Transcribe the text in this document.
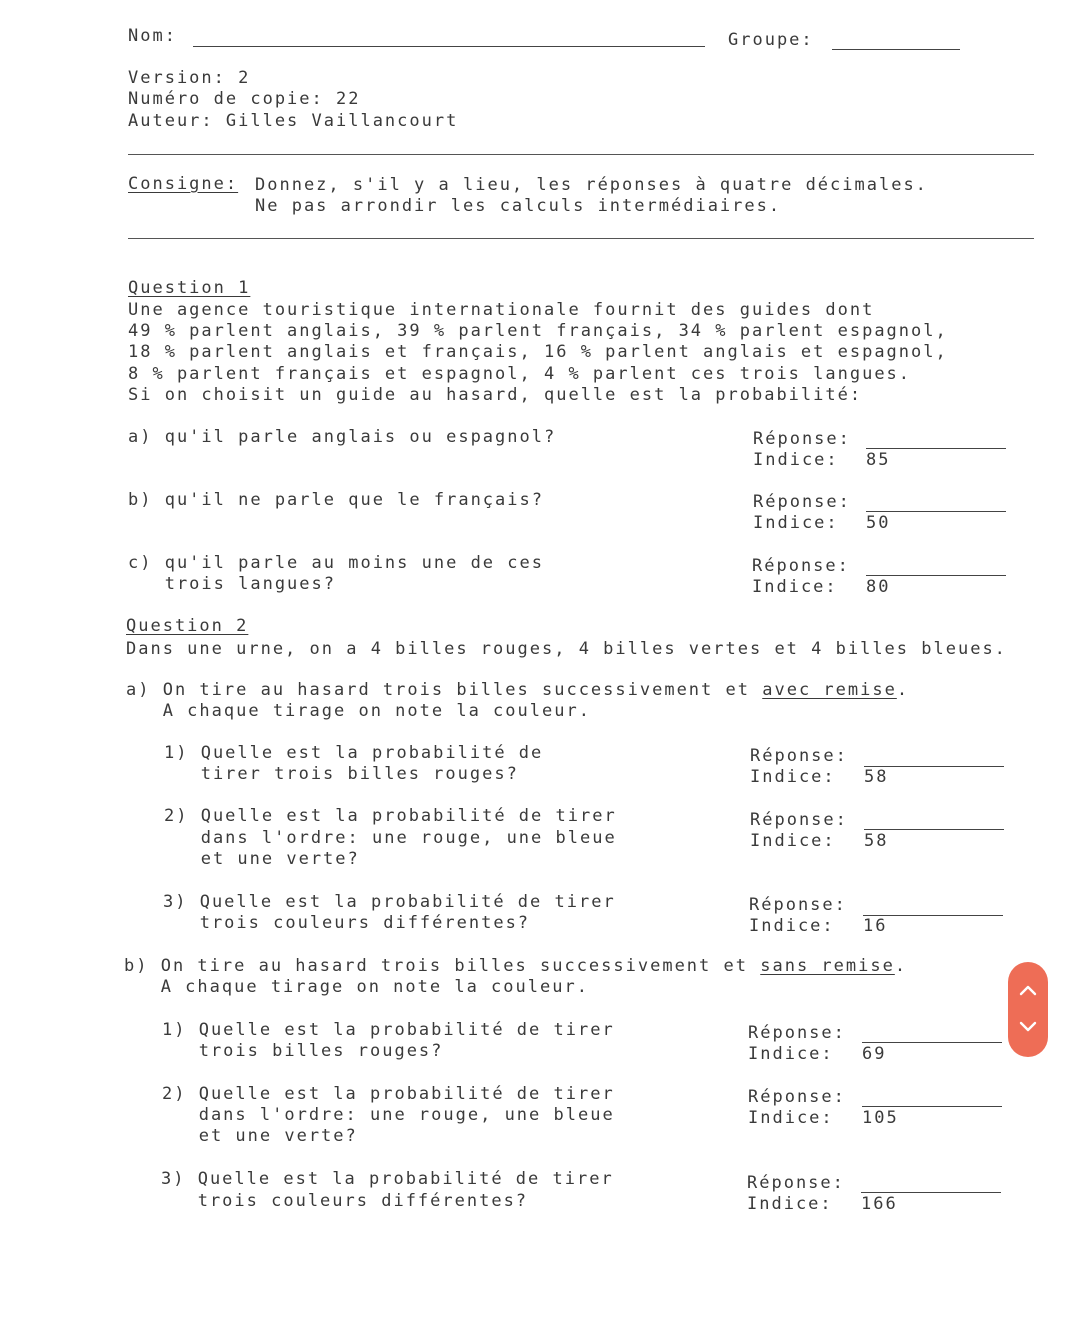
Nom:	Groupe:
Version: 2
Numéro de copie: 22
Auteur: Gilles Vaillancourt
Consigne: Donnez, s'il y a lieu, les réponses à quatre décimales.
Ne pas arrondir les calculs intermédiaires.
Question 1
Une agence touristique internationale fournit des guides dont
49 % parlent anglais, 39 % parlent français, 34 % parlent espagnol,
18 % parlent anglais et français, 16 % parlent anglais et espagnol,
8 % parlent français et espagnol, 4 % parlent ces trois langues.
Si on choisit un guide au hasard, quelle est la probabilité:
a) qu'il parle anglais ou espagnol?	Réponse:
Indice: 85
b) qu'il ne parle que le français?	Réponse:
Indice: 50
c) qu'il parle au moins une de ces
trois langues?
Réponse:
Indice: 80
Question 2
Dans une urne, on a 4 billes rouges, 4 billes vertes et 4 billes bleues.
a) On tire au hasard trois billes successivement et avec remise.
A chaque tirage on note la couleur.
1) Quelle est la probabilité de
tirer trois billes rouges?
Réponse:
Indice: 58
2) Quelle est la probabilité de tirer
dans l'ordre: une rouge, une bleue
et une verte?
Réponse:
Indice: 58
3) Quelle est la probabilité de tirer
trois couleurs différentes?
Réponse:
Indice: 16
b) On tire au hasard trois billes successivement et sans remise.
A chaque tirage on note la couleur.
1) Quelle est la probabilité de tirer
trois billes rouges?
Réponse:
Indice: 69
2) Quelle est la probabilité de tirer
dans l'ordre: une rouge, une bleue
et une verte?
Réponse:
Indice: 105
3) Quelle est la probabilité de tirer
trois couleurs différentes?
Réponse:
Indice: 166
